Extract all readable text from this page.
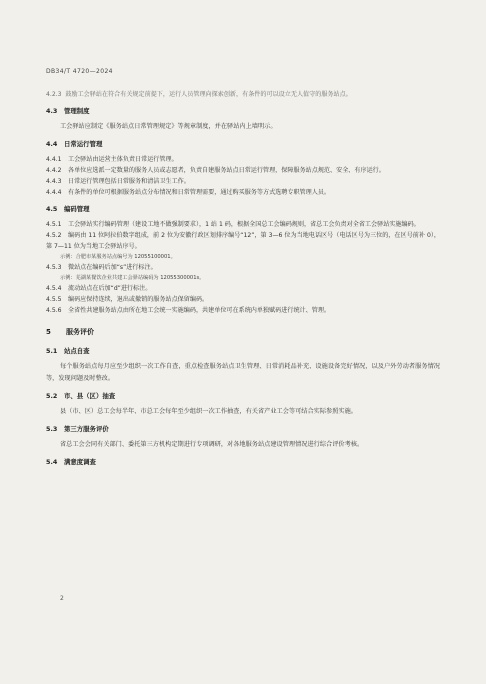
DB34/T 4720—2024

4.2.3 鼓励工会驿站在符合有关规定前提下，运行人员管理向探索创新，有条件的可以设立无人值守的服务站点。

4.3 管理制度

工会驿站应制定《服务站点日常管理规定》等规章制度，并在驿站内上墙明示。

4.4 日常运行管理

4.4.1 工会驿站由运营主体负责日常运行管理。

4.4.2 各单位应选派一定数量的服务人员或志愿者，负责自建服务站点日常运行管理，保障服务站点规范、安全、有序运行。

4.4.3 日常运行管理包括日常服务和清洁卫生工作。

4.4.4 有条件的单位可根据服务站点分布情况和日常管理需要，通过购买服务等方式选聘专职管理人员。

4.5 编码管理

4.5.1 工会驿站实行编码管理（建设工地不做强制要求），1 站 1 码，根据全国总工会编码规则，省总工会负责对全省工会驿站实施编码。

4.5.2 编码由 11 位阿拉伯数字组成，前 2 位为安徽行政区划排序编号“12”，第 3—6 位为当地电话区号（电话区号为三位的，在区号前补 0），第 7—11 位为当地工会驿站序号。

示例：合肥市某服务站点编号为 12055100001。

4.5.3 微站点在编码后加“s”进行标注。

示例：芜湖某餐饮企业共建工会驿站编码为 12055300001s。

4.5.4 流动站点在后加“d”进行标注。

4.5.5 编码应保持连续，退出或撤销的服务站点保留编码。

4.5.6 全省性共建服务站点由所在地工会统一实施编码，共建单位可在系统内单独赋码进行统计、管理。

5 服务评价

5.1 站点自查

每个服务站点每月应至少组织一次工作自查，重点检查服务站点卫生管理、日常消耗品补充、设施设备完好情况，以及户外劳动者服务情况等，发现问题及时整改。

5.2 市、县（区）抽查

县（市、区）总工会每半年、市总工会每年至少组织一次工作抽查，有关省产业工会等可结合实际参照实施。

5.3 第三方服务评价

省总工会会同有关部门、委托第三方机构定期进行专项调研，对各地服务站点建设管理情况进行综合评价考核。

5.4 满意度调查

2
